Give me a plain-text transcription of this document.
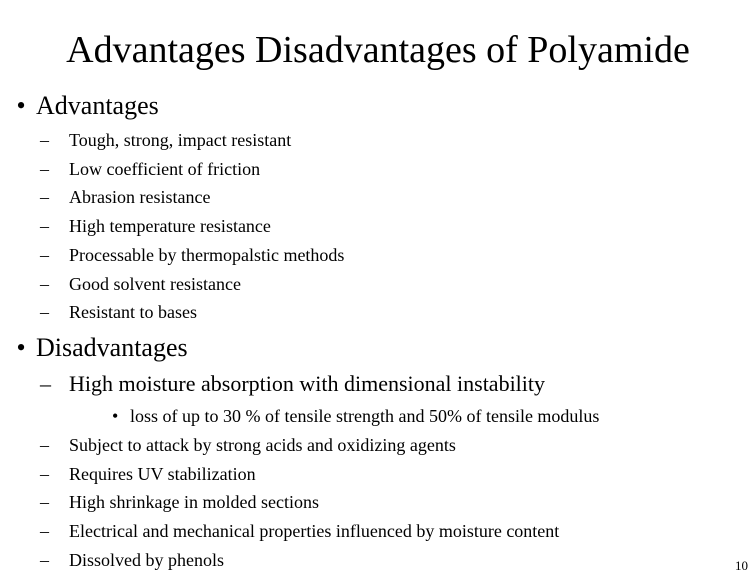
Advantages Disadvantages of Polyamide
• Advantages
– Tough, strong, impact resistant
– Low coefficient of friction
– Abrasion resistance
– High temperature resistance
– Processable by thermopalstic methods
– Good solvent resistance
– Resistant to bases
• Disadvantages
– High moisture absorption with dimensional instability
• loss of up to 30 % of tensile strength and 50% of tensile modulus
– Subject to attack by strong acids and oxidizing agents
– Requires UV stabilization
– High shrinkage in molded sections
– Electrical and mechanical properties influenced by moisture content
– Dissolved by phenols	10
